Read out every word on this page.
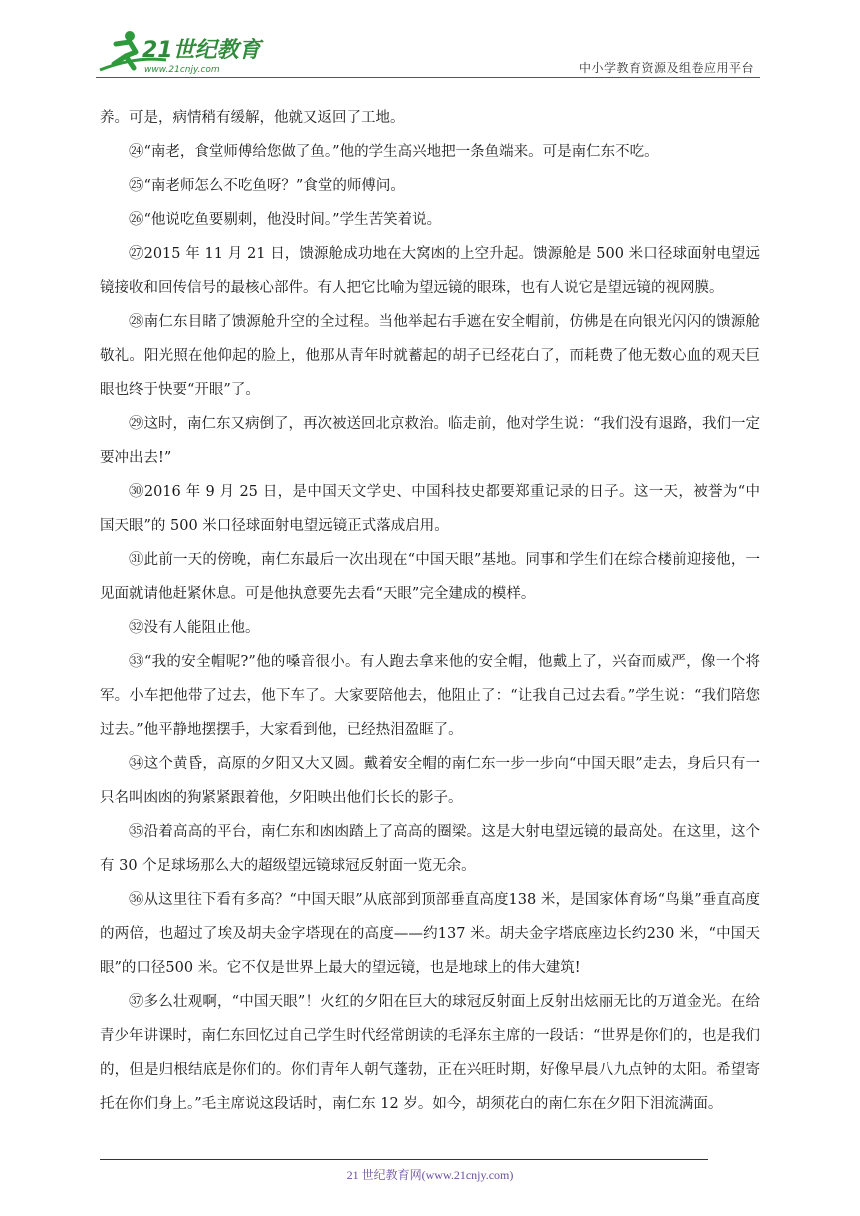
21世纪教育
www.21cnjy.com	中小学教育资源及组卷应用平台

养。可是，病情稍有缓解，他就又返回了工地。

㉔“南老，食堂师傅给您做了鱼。”他的学生高兴地把一条鱼端来。可是南仁东不吃。

㉕“南老师怎么不吃鱼呀？”食堂的师傅问。

㉖“他说吃鱼要剔刺，他没时间。”学生苦笑着说。

㉗2015 年 11 月 21 日，馈源舱成功地在大窝凼的上空升起。馈源舱是 500 米口径球面射电望远镜接收和回传信号的最核心部件。有人把它比喻为望远镜的眼珠，也有人说它是望远镜的视网膜。

㉘南仁东目睹了馈源舱升空的全过程。当他举起右手遮在安全帽前，仿佛是在向银光闪闪的馈源舱敬礼。阳光照在他仰起的脸上，他那从青年时就蓄起的胡子已经花白了，而耗费了他无数心血的观天巨眼也终于快要“开眼”了。

㉙这时，南仁东又病倒了，再次被送回北京救治。临走前，他对学生说：“我们没有退路，我们一定要冲出去!”

㉚2016 年 9 月 25 日，是中国天文学史、中国科技史都要郑重记录的日子。这一天，被誉为“中国天眼”的 500 米口径球面射电望远镜正式落成启用。

㉛此前一天的傍晚，南仁东最后一次出现在“中国天眼”基地。同事和学生们在综合楼前迎接他，一见面就请他赶紧休息。可是他执意要先去看“天眼”完全建成的模样。

㉜没有人能阻止他。

㉝“我的安全帽呢?”他的嗓音很小。有人跑去拿来他的安全帽，他戴上了，兴奋而威严，像一个将军。小车把他带了过去，他下车了。大家要陪他去，他阻止了：“让我自己过去看。”学生说：“我们陪您过去。”他平静地摆摆手，大家看到他，已经热泪盈眶了。

㉞这个黄昏，高原的夕阳又大又圆。戴着安全帽的南仁东一步一步向“中国天眼”走去，身后只有一只名叫凼凼的狗紧紧跟着他，夕阳映出他们长长的影子。

㉟沿着高高的平台，南仁东和凼凼踏上了高高的圈梁。这是大射电望远镜的最高处。在这里，这个有 30 个足球场那么大的超级望远镜球冠反射面一览无余。

㊱从这里往下看有多高？“中国天眼”从底部到顶部垂直高度138 米，是国家体育场“鸟巢”垂直高度的两倍，也超过了埃及胡夫金字塔现在的高度——约137 米。胡夫金字塔底座边长约230 米，“中国天眼”的口径500 米。它不仅是世界上最大的望远镜，也是地球上的伟大建筑!

㊲多么壮观啊，“中国天眼”！火红的夕阳在巨大的球冠反射面上反射出炫丽无比的万道金光。在给青少年讲课时，南仁东回忆过自己学生时代经常朗读的毛泽东主席的一段话：“世界是你们的，也是我们的，但是归根结底是你们的。你们青年人朝气蓬勃，正在兴旺时期，好像早晨八九点钟的太阳。希望寄托在你们身上。”毛主席说这段话时，南仁东 12 岁。如今，胡须花白的南仁东在夕阳下泪流满面。

21 世纪教育网(www.21cnjy.com)
